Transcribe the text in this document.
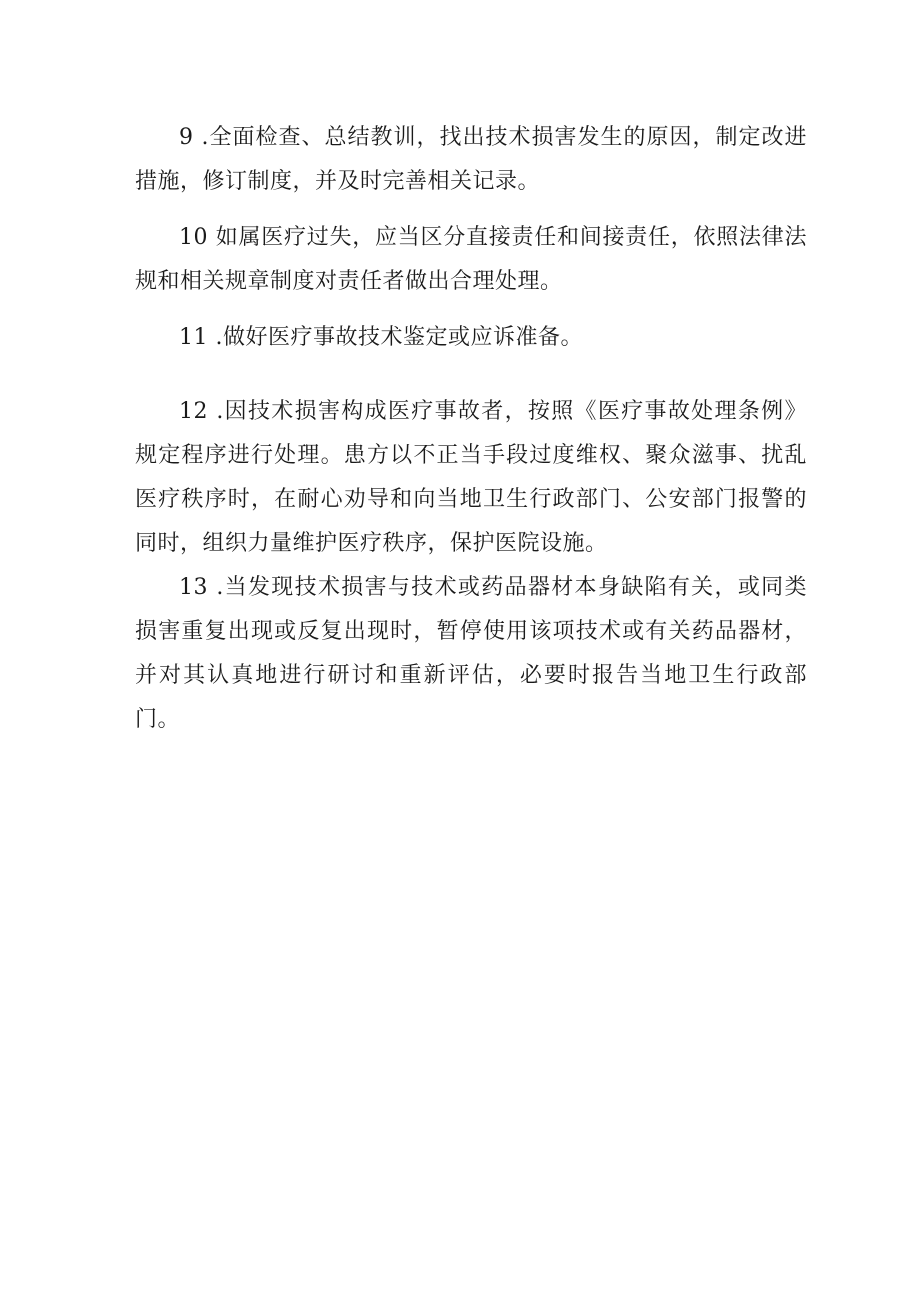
9 .全面检查、总结教训，找出技术损害发生的原因，制定改进措施，修订制度，并及时完善相关记录。

10 如属医疗过失，应当区分直接责任和间接责任，依照法律法规和相关规章制度对责任者做出合理处理。

11 .做好医疗事故技术鉴定或应诉准备。

12 .因技术损害构成医疗事故者，按照《医疗事故处理条例》规定程序进行处理。患方以不正当手段过度维权、聚众滋事、扰乱医疗秩序时，在耐心劝导和向当地卫生行政部门、公安部门报警的同时，组织力量维护医疗秩序，保护医院设施。

13 .当发现技术损害与技术或药品器材本身缺陷有关，或同类损害重复出现或反复出现时，暂停使用该项技术或有关药品器材，并对其认真地进行研讨和重新评估，必要时报告当地卫生行政部门。
